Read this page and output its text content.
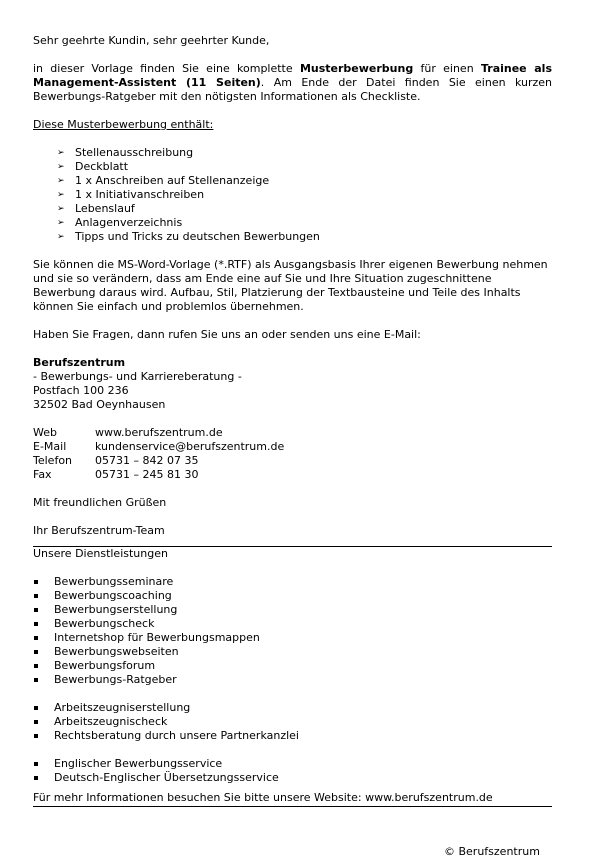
Sehr geehrte Kundin, sehr geehrter Kunde,

in dieser Vorlage finden Sie eine komplette Musterbewerbung für einen Trainee als Management-Assistent (11 Seiten). Am Ende der Datei finden Sie einen kurzen Bewerbungs-Ratgeber mit den nötigsten Informationen als Checkliste.

Diese Musterbewerbung enthält:

➢ Stellenausschreibung
➢ Deckblatt
➢ 1 x Anschreiben auf Stellenanzeige
➢ 1 x Initiativanschreiben
➢ Lebenslauf
➢ Anlagenverzeichnis
➢ Tipps und Tricks zu deutschen Bewerbungen

Sie können die MS-Word-Vorlage (*.RTF) als Ausgangsbasis Ihrer eigenen Bewerbung nehmen und sie so verändern, dass am Ende eine auf Sie und Ihre Situation zugeschnittene Bewerbung daraus wird. Aufbau, Stil, Platzierung der Textbausteine und Teile des Inhalts können Sie einfach und problemlos übernehmen.

Haben Sie Fragen, dann rufen Sie uns an oder senden uns eine E-Mail:

Berufszentrum

- Bewerbungs- und Karriereberatung -

Postfach 100 236

32502 Bad Oeynhausen

Web	www.berufszentrum.de
E-Mail	kundenservice@berufszentrum.de
Telefon	05731 – 842 07 35
Fax	05731 – 245 81 30

Mit freundlichen Grüßen

Ihr Berufszentrum-Team

Unsere Dienstleistungen

Bewerbungsseminare
Bewerbungscoaching
Bewerbungserstellung
Bewerbungscheck
Internetshop für Bewerbungsmappen
Bewerbungswebseiten
Bewerbungsforum
Bewerbungs-Ratgeber
Arbeitszeugniserstellung
Arbeitszeugnischeck
Rechtsberatung durch unsere Partnerkanzlei
Englischer Bewerbungsservice
Deutsch-Englischer Übersetzungsservice

Für mehr Informationen besuchen Sie bitte unsere Website: www.berufszentrum.de

© Berufszentrum
